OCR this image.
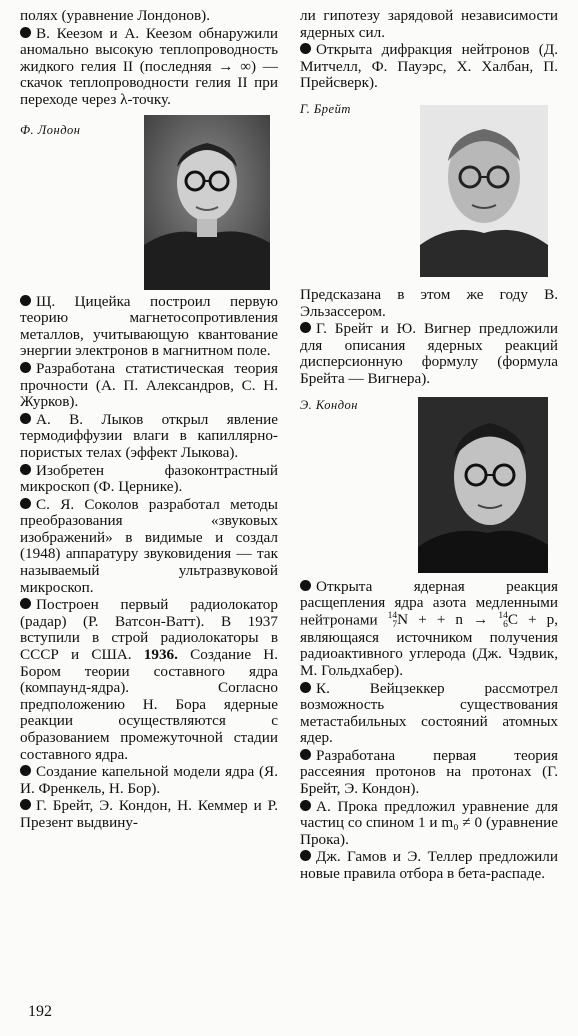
полях (уравнение Лондонов).

В. Кеезом и А. Кеезом обнаружили аномально высокую теплопроводность жидкого гелия II (последняя → ∞) — скачок теплопроводности гелия II при переходе через λ-точку.

Ф. Лондон

Щ. Цицейка построил первую теорию магнетосопротивления металлов, учитывающую квантование энергии электронов в магнитном поле.

Разработана статистическая теория прочности (А. П. Александров, С. Н. Журков).

А. В. Лыков открыл явление термодиффузии влаги в капиллярно-пористых телах (эффект Лыкова).

Изобретен фазоконтрастный микроскоп (Ф. Цернике).

С. Я. Соколов разработал методы преобразования «звуковых изображений» в видимые и создал (1948) аппаратуру звуковидения — так называемый ультразвуковой микроскоп.

Построен первый радиолокатор (радар) (Р. Ватсон-Ватт). В 1937 вступили в строй радиолокаторы в СССР и США. 1936. Создание Н. Бором теории составного ядра (компаунд-ядра). Согласно предположению Н. Бора ядерные реакции осуществляются с образованием промежуточной стадии составного ядра.

Создание капельной модели ядра (Я. И. Френкель, Н. Бор).

Г. Брейт, Э. Кондон, Н. Кеммер и Р. Презент выдвину-

ли гипотезу зарядовой независимости ядерных сил.

Открыта дифракция нейтронов (Д. Митчелл, Ф. Пауэрс, Х. Халбан, П. Прейсверк).

Г. Брейт

Предсказана в этом же году В. Эльзассером.

Г. Брейт и Ю. Вигнер предложили для описания ядерных реакций дисперсионную формулу (формула Брейта — Вигнера).

Э. Кондон

Открыта ядерная реакция расщепления ядра азота медленными нейтронами 14
7 N + + n → 14
6 C + p, являющаяся источником получения радиоактивного углерода (Дж. Чэдвик, М. Гольдхабер).

К. Вейцзеккер рассмотрел возможность существования метастабильных состояний атомных ядер.

Разработана первая теория рассеяния протонов на протонах (Г. Брейт, Э. Кондон).

А. Прока предложил уравнение для частиц со спином 1 и m₀ ≠ 0 (уравнение Прока).

Дж. Гамов и Э. Теллер предложили новые правила отбора в бета-распаде.

192
